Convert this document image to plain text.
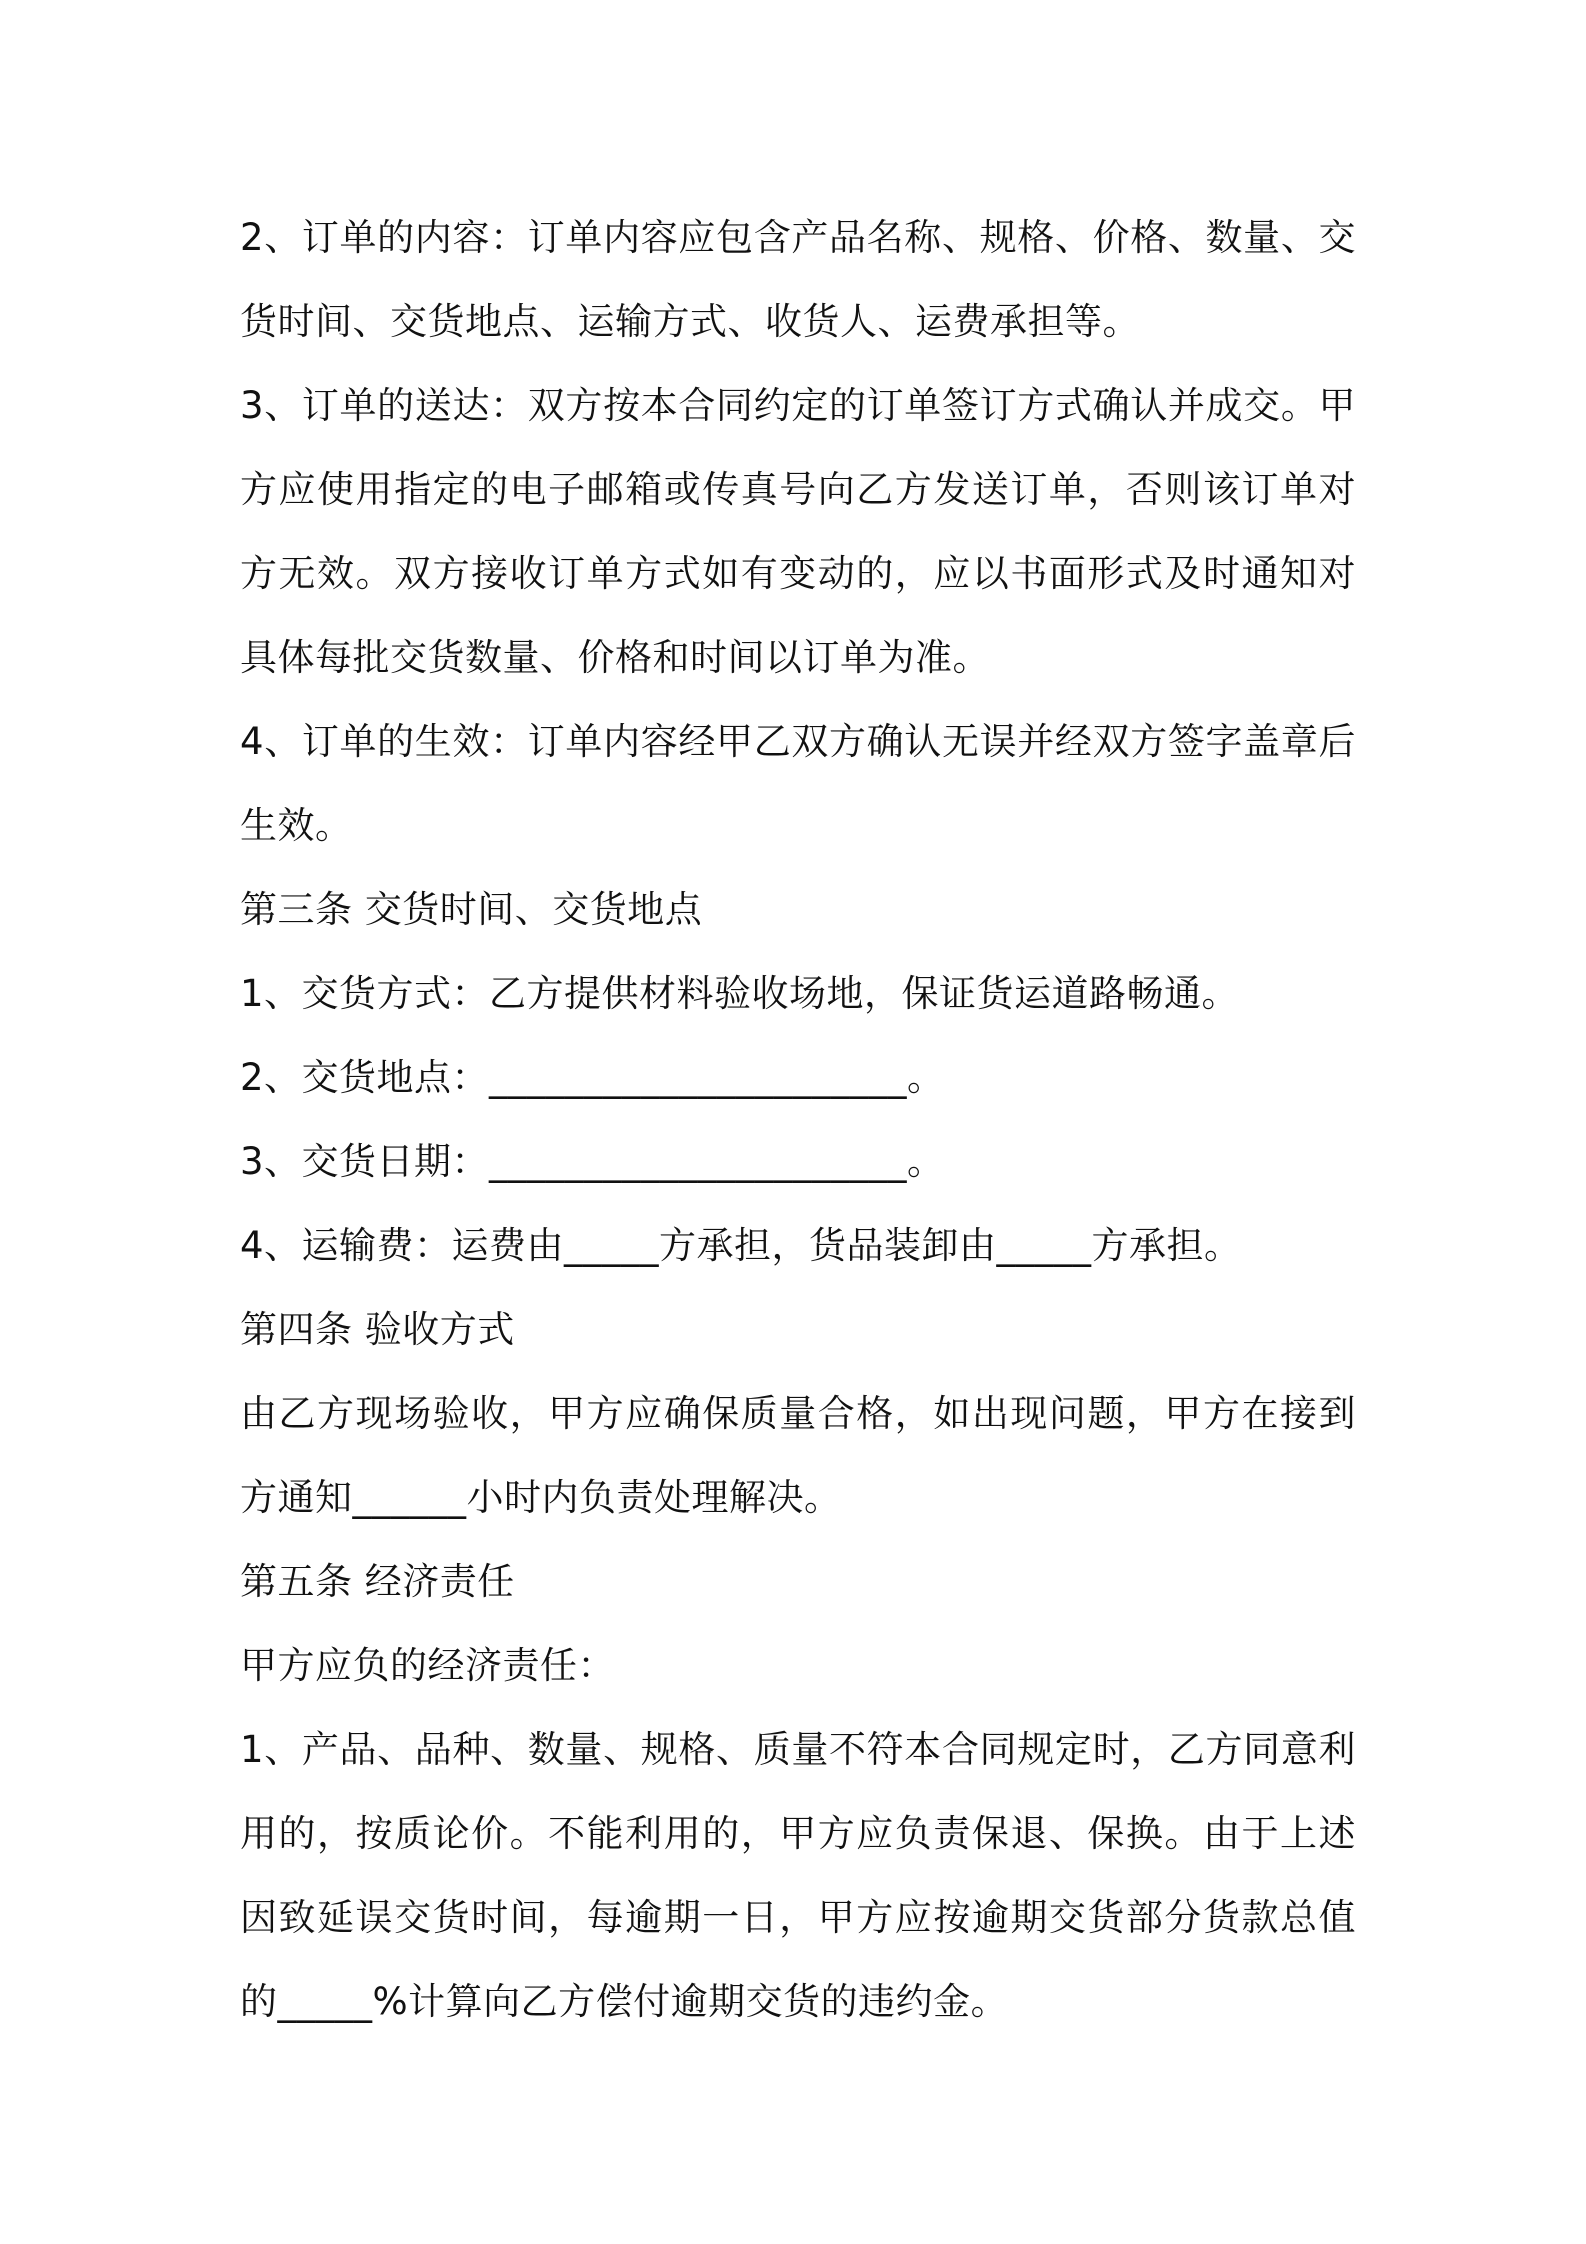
2、订单的内容：订单内容应包含产品名称、规格、价格、数量、交
货时间、交货地点、运输方式、收货人、运费承担等。
3、订单的送达：双方按本合同约定的订单签订方式确认并成交。甲
方应使用指定的电子邮箱或传真号向乙方发送订单，否则该订单对
方无效。双方接收订单方式如有变动的，应以书面形式及时通知对
具体每批交货数量、价格和时间以订单为准。
4、订单的生效：订单内容经甲乙双方确认无误并经双方签字盖章后
生效。
第三条 交货时间、交货地点
1、交货方式：乙方提供材料验收场地，保证货运道路畅通。
2、交货地点：______________________。
3、交货日期：______________________。
4、运输费：运费由_____方承担，货品装卸由_____方承担。
第四条 验收方式
由乙方现场验收，甲方应确保质量合格，如出现问题，甲方在接到
方通知______小时内负责处理解决。
第五条 经济责任
甲方应负的经济责任：
1、产品、品种、数量、规格、质量不符本合同规定时，乙方同意利
用的，按质论价。不能利用的，甲方应负责保退、保换。由于上述
因致延误交货时间，每逾期一日，甲方应按逾期交货部分货款总值
的_____%计算向乙方偿付逾期交货的违约金。
